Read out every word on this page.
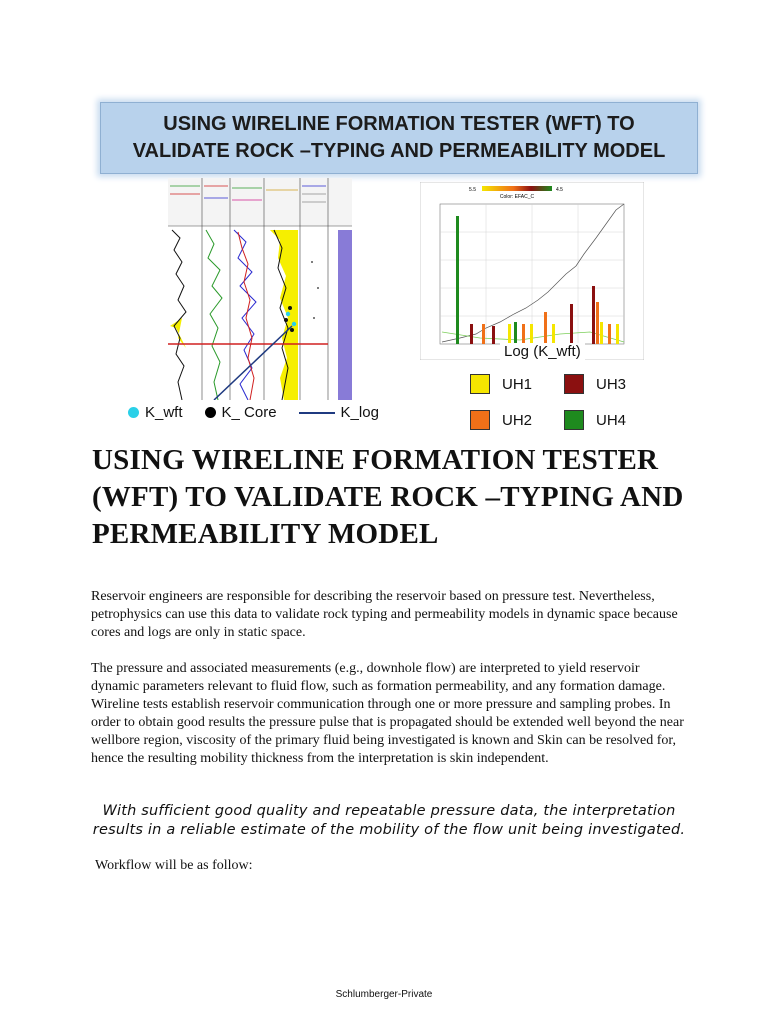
USING WIRELINE FORMATION TESTER (WFT) TO VALIDATE ROCK –TYPING AND PERMEABILITY MODEL
5.5	4.5
Color: EFAC_C
Log (K_wft)
K_wft	K_ Core	K_log
UH1	UH3
UH2	UH4
USING WIRELINE FORMATION TESTER (WFT) TO VALIDATE ROCK –TYPING AND PERMEABILITY MODEL

Reservoir engineers are responsible for describing the reservoir based on pressure test. Nevertheless, petrophysics can use this data to validate rock typing and permeability models in dynamic space because cores and logs are only in static space.

The pressure and associated measurements (e.g., downhole flow) are interpreted to yield reservoir dynamic parameters relevant to fluid flow, such as formation permeability, and any formation damage. Wireline tests establish reservoir communication through one or more pressure and sampling probes. In order to obtain good results the pressure pulse that is propagated should be extended well beyond the near wellbore region, viscosity of the primary fluid being investigated is known and Skin can be resolved for, hence the resulting mobility thickness from the interpretation is skin independent.

With sufficient good quality and repeatable pressure data, the interpretation results in a reliable estimate of the mobility of the flow unit being investigated.

Workflow will be as follow:

Schlumberger-Private
